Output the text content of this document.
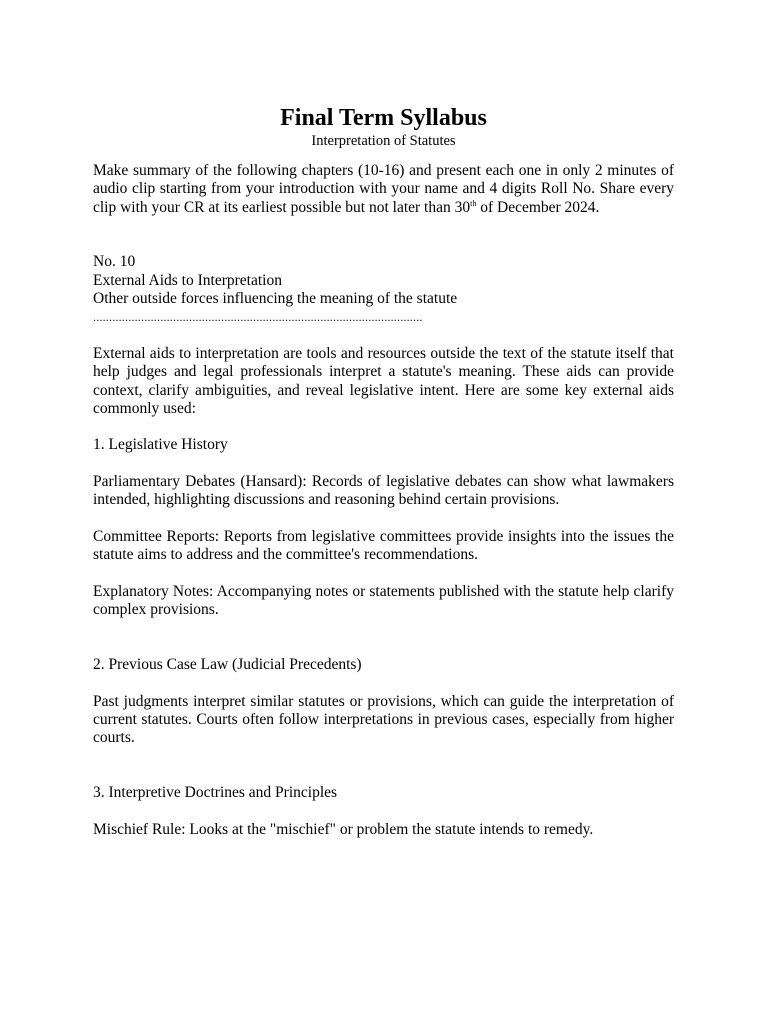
Final Term Syllabus

Interpretation of Statutes

Make summary of the following chapters (10-16) and present each one in only 2 minutes of audio clip starting from your introduction with your name and 4 digits Roll No. Share every clip with your CR at its earliest possible but not later than 30th of December 2024.

No. 10

External Aids to Interpretation

Other outside forces influencing the meaning of the statute

.......................................................................................................

External aids to interpretation are tools and resources outside the text of the statute itself that help judges and legal professionals interpret a statute's meaning. These aids can provide context, clarify ambiguities, and reveal legislative intent. Here are some key external aids commonly used:

1. Legislative History

Parliamentary Debates (Hansard): Records of legislative debates can show what lawmakers intended, highlighting discussions and reasoning behind certain provisions.

Committee Reports: Reports from legislative committees provide insights into the issues the statute aims to address and the committee's recommendations.

Explanatory Notes: Accompanying notes or statements published with the statute help clarify complex provisions.

2. Previous Case Law (Judicial Precedents)

Past judgments interpret similar statutes or provisions, which can guide the interpretation of current statutes. Courts often follow interpretations in previous cases, especially from higher courts.

3. Interpretive Doctrines and Principles

Mischief Rule: Looks at the "mischief" or problem the statute intends to remedy.
